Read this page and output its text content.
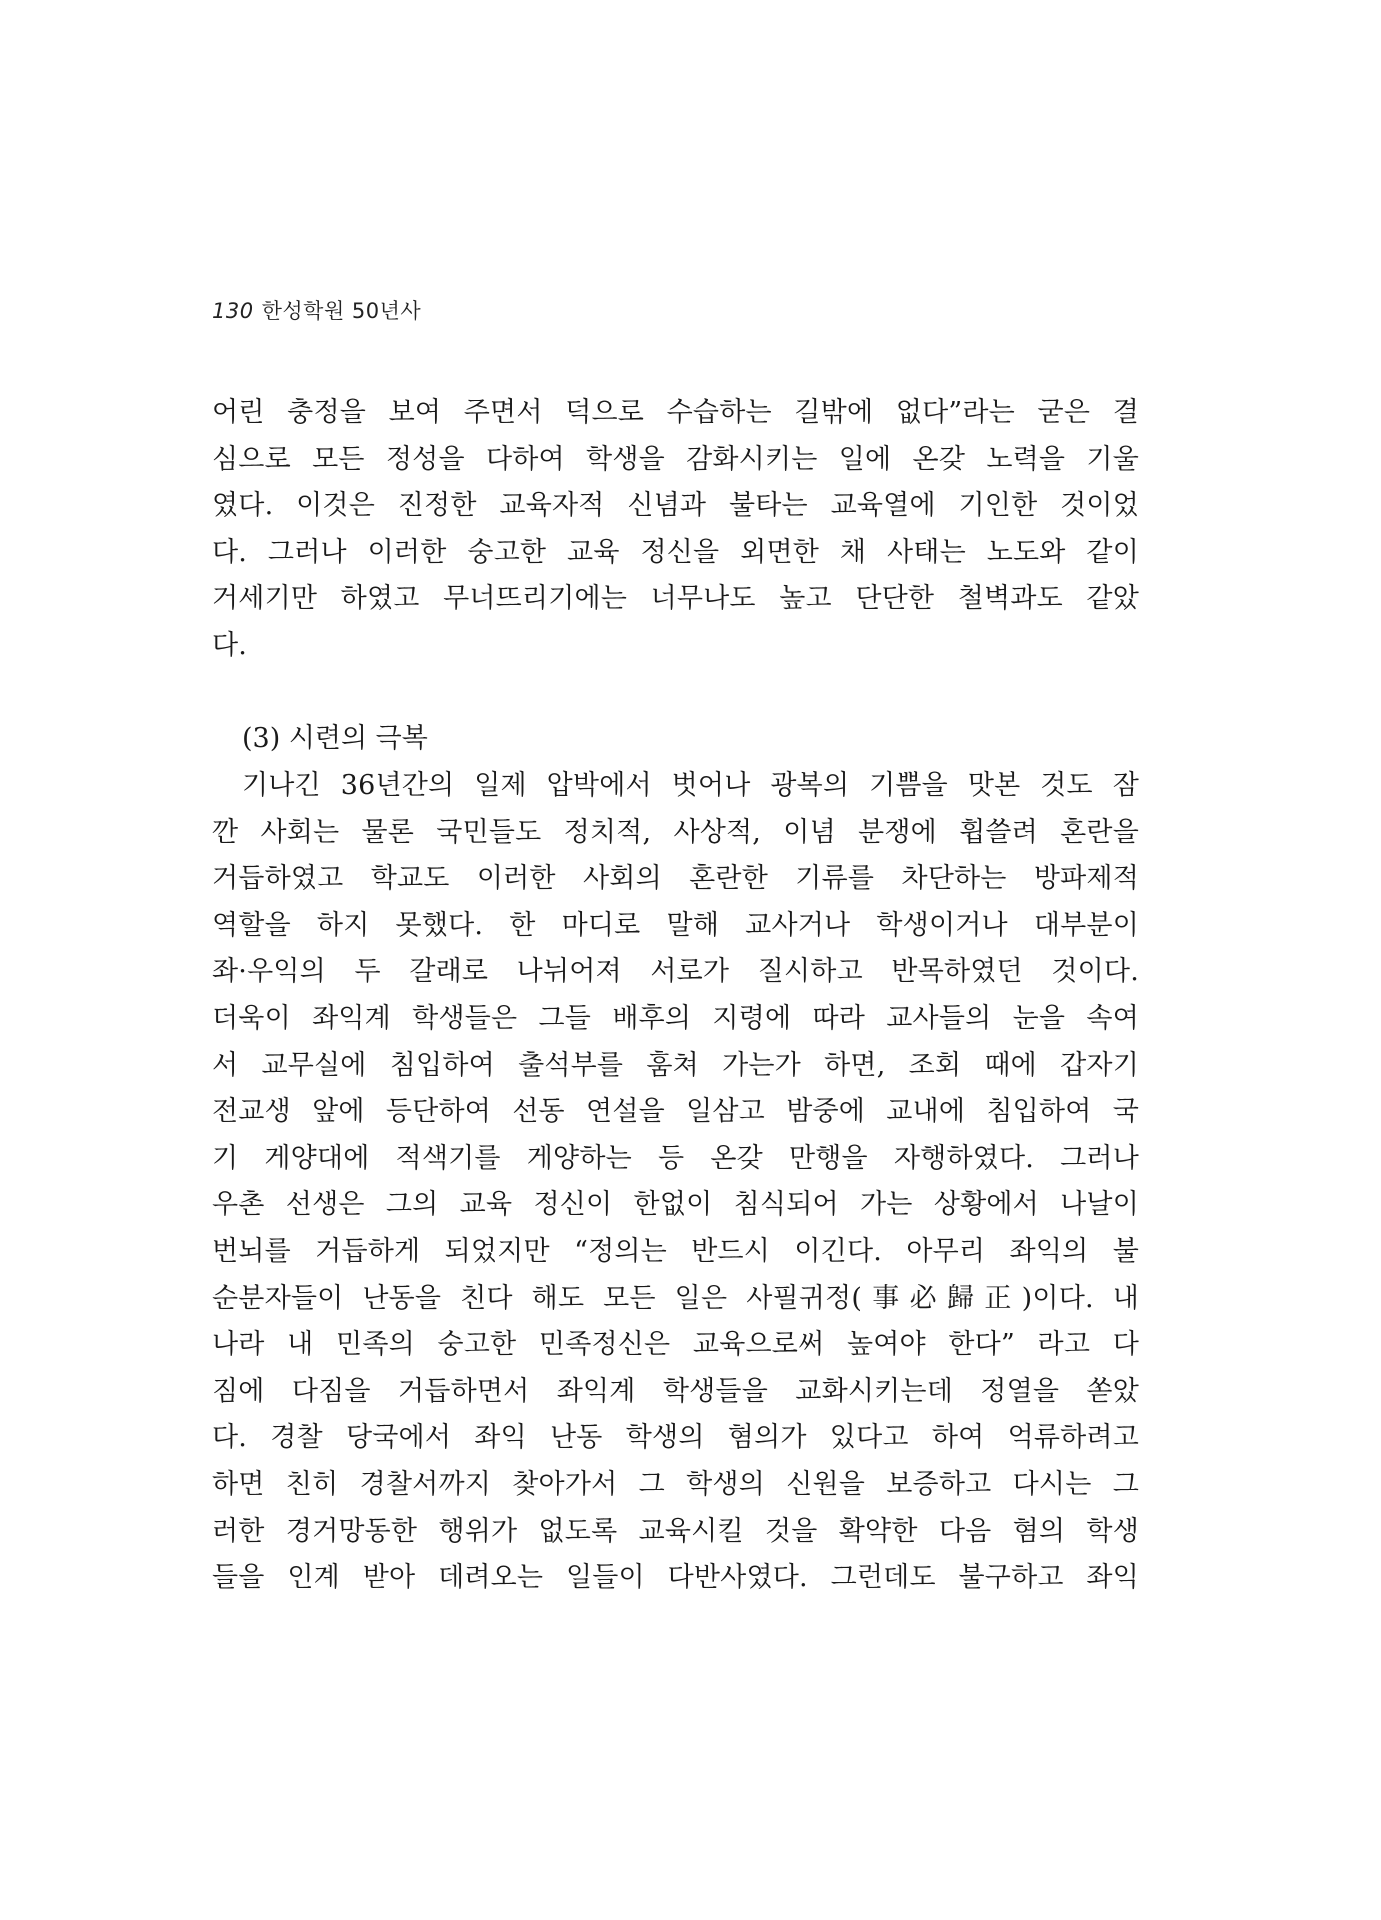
130 한성학원 50년사
어린 충정을 보여 주면서 덕으로 수습하는 길밖에 없다”라는 굳은 결
심으로 모든 정성을 다하여 학생을 감화시키는 일에 온갖 노력을 기울
였다. 이것은 진정한 교육자적 신념과 불타는 교육열에 기인한 것이었
다. 그러나 이러한 숭고한 교육 정신을 외면한 채 사태는 노도와 같이
거세기만 하였고 무너뜨리기에는 너무나도 높고 단단한 철벽과도 같았
다.
(3) 시련의 극복
기나긴 36년간의 일제 압박에서 벗어나 광복의 기쁨을 맛본 것도 잠
깐 사회는 물론 국민들도 정치적, 사상적, 이념 분쟁에 휩쓸려 혼란을
거듭하였고 학교도 이러한 사회의 혼란한 기류를 차단하는 방파제적
역할을 하지 못했다. 한 마디로 말해 교사거나 학생이거나 대부분이
좌·우익의 두 갈래로 나뉘어져 서로가 질시하고 반목하였던 것이다.
더욱이 좌익계 학생들은 그들 배후의 지령에 따라 교사들의 눈을 속여
서 교무실에 침입하여 출석부를 훔쳐 가는가 하면, 조회 때에 갑자기
전교생 앞에 등단하여 선동 연설을 일삼고 밤중에 교내에 침입하여 국
기 게양대에 적색기를 게양하는 등 온갖 만행을 자행하였다. 그러나
우촌 선생은 그의 교육 정신이 한없이 침식되어 가는 상황에서 나날이
번뇌를 거듭하게 되었지만 “정의는 반드시 이긴다. 아무리 좌익의 불
순분자들이 난동을 친다 해도 모든 일은 사필귀정(事必歸正)이다. 내
나라 내 민족의 숭고한 민족정신은 교육으로써 높여야 한다” 라고 다
짐에 다짐을 거듭하면서 좌익계 학생들을 교화시키는데 정열을 쏟았
다. 경찰 당국에서 좌익 난동 학생의 혐의가 있다고 하여 억류하려고
하면 친히 경찰서까지 찾아가서 그 학생의 신원을 보증하고 다시는 그
러한 경거망동한 행위가 없도록 교육시킬 것을 확약한 다음 혐의 학생
들을 인계 받아 데려오는 일들이 다반사였다. 그런데도 불구하고 좌익
